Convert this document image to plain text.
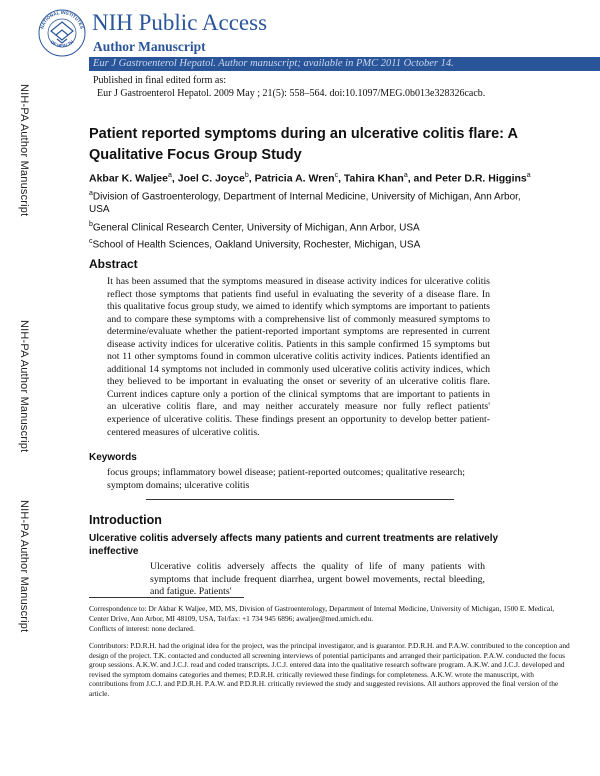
NATIONAL INSTITUTES
OF HEALTH
NIH Public Access
Author Manuscript
Eur J Gastroenterol Hepatol. Author manuscript; available in PMC 2011 October 14.
Published in final edited form as:
Eur J Gastroenterol Hepatol. 2009 May ; 21(5): 558–564. doi:10.1097/MEG.0b013e328326cacb.
NIH-PA Author Manuscript
NIH-PA Author Manuscript
NIH-PA Author Manuscript
Patient reported symptoms during an ulcerative colitis flare: A Qualitative Focus Group Study
Akbar K. Waljee$^a$, Joel C. Joyce$^b$, Patricia A. Wren$^c$, Tahira Khan$^a$, and Peter D.R. Higgins$^a$
$^a$Division of Gastroenterology, Department of Internal Medicine, University of Michigan, Ann Arbor, USA
$^b$General Clinical Research Center, University of Michigan, Ann Arbor, USA
$^c$School of Health Sciences, Oakland University, Rochester, Michigan, USA
Abstract
It has been assumed that the symptoms measured in disease activity indices for ulcerative colitis reflect those symptoms that patients find useful in evaluating the severity of a disease flare. In this qualitative focus group study, we aimed to identify which symptoms are important to patients and to compare these symptoms with a comprehensive list of commonly measured symptoms to determine/evaluate whether the patient-reported important symptoms are represented in current disease activity indices for ulcerative colitis. Patients in this sample confirmed 15 symptoms but not 11 other symptoms found in common ulcerative colitis activity indices. Patients identified an additional 14 symptoms not included in commonly used ulcerative colitis activity indices, which they believed to be important in evaluating the onset or severity of an ulcerative colitis flare. Current indices capture only a portion of the clinical symptoms that are important to patients in an ulcerative colitis flare, and may neither accurately measure nor fully reflect patients' experience of ulcerative colitis. These findings present an opportunity to develop better patient-centered measures of ulcerative colitis.
Keywords
focus groups; inflammatory bowel disease; patient-reported outcomes; qualitative research; symptom domains; ulcerative colitis
Introduction
Ulcerative colitis adversely affects many patients and current treatments are relatively ineffective
Ulcerative colitis adversely affects the quality of life of many patients with symptoms that include frequent diarrhea, urgent bowel movements, rectal bleeding, and fatigue. Patients'
Correspondence to: Dr Akbar K Waljee, MD, MS, Division of Gastroenterology, Department of Internal Medicine, University of Michigan, 1500 E. Medical, Center Drive, Ann Arbor, MI 48109, USA, Tel/fax: +1 734 945 6896; awaljee@med.umich.edu.
Conflicts of interest: none declared.
Contributors: P.D.R.H. had the original idea for the project, was the principal investigator, and is guarantor. P.D.R.H. and P.A.W. contributed to the conception and design of the project. T.K. contacted and conducted all screening interviews of potential participants and arranged their participation. P.A.W. conducted the focus group sessions. A.K.W. and J.C.J. read and coded transcripts. J.C.J. entered data into the qualitative research software program. A.K.W. and J.C.J. developed and revised the symptom domains categories and themes; P.D.R.H. critically reviewed these findings for completeness. A.K.W. wrote the manuscript, with contributions from J.C.J. and P.D.R.H. P.A.W. and P.D.R.H. critically reviewed the study and suggested revisions. All authors approved the final version of the article.
